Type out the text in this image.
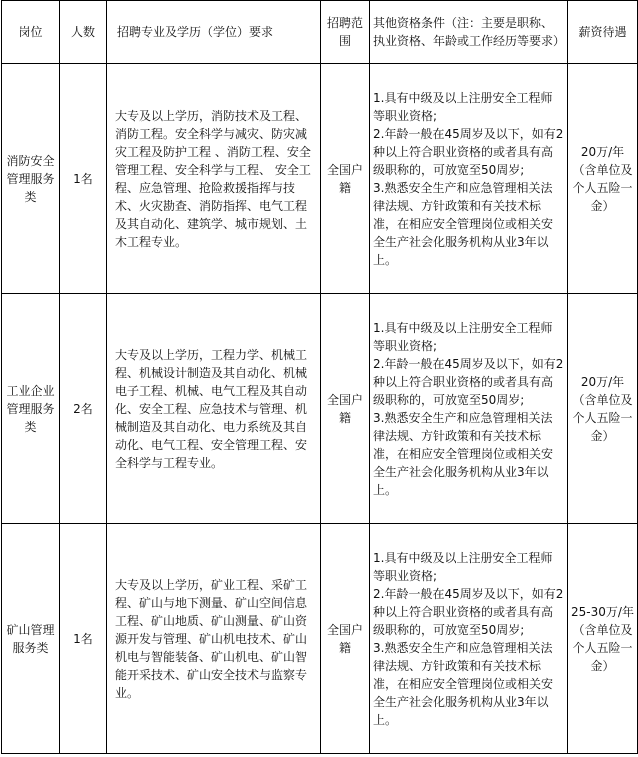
岗位	人数	招聘专业及学历（学位）要求	招聘范围	其他资格条件（注：主要是职称、执业资格、年龄或工作经历等要求）	薪资待遇
消防安全管理服务类	1名	大专及以上学历，消防技术及工程、消防工程。安全科学与减灾、防灾减灾工程及防护工程 、消防工程、安全管理工程、安全科学与工程、 安全工程、应急管理、抢险救援指挥与技术、火灾勘查、消防指挥、电气工程及其自动化、建筑学、城市规划、土木工程专业。	全国户籍	1.具有中级及以上注册安全工程师等职业资格;
2.年龄一般在45周岁及以下，如有2种以上符合职业资格的或者具有高级职称的，可放宽至50周岁;
3.熟悉安全生产和应急管理相关法律法规、方针政策和有关技术标准，在相应安全管理岗位或相关安全生产社会化服务机构从业3年以上。	20万/年（含单位及个人五险一金）
工业企业管理服务类	2名	大专及以上学历，工程力学、机械工程、机械设计制造及其自动化、机械电子工程、机械、电气工程及其自动化、安全工程、应急技术与管理、机械制造及其自动化、电力系统及其自动化、电气工程、安全管理工程、安全科学与工程专业。	全国户籍	1.具有中级及以上注册安全工程师等职业资格;
2.年龄一般在45周岁及以下，如有2种以上符合职业资格的或者具有高级职称的，可放宽至50周岁;
3.熟悉安全生产和应急管理相关法律法规、方针政策和有关技术标准，在相应安全管理岗位或相关安全生产社会化服务机构从业3年以上。	20万/年（含单位及个人五险一金）
矿山管理服务类	1名	大专及以上学历，矿业工程、采矿工程、矿山与地下测量、矿山空间信息工程、矿山地质、矿山测量、矿山资源开发与管理、矿山机电技术、矿山机电与智能装备、矿山机电、矿山智能开采技术、矿山安全技术与监察专业。	全国户籍	1.具有中级及以上注册安全工程师等职业资格;
2.年龄一般在45周岁及以下，如有2种以上符合职业资格的或者具有高级职称的，可放宽至50周岁;
3.熟悉安全生产和应急管理相关法律法规、方针政策和有关技术标准，在相应安全管理岗位或相关安全生产社会化服务机构从业3年以上。	25-30万/年（含单位及个人五险一金）
